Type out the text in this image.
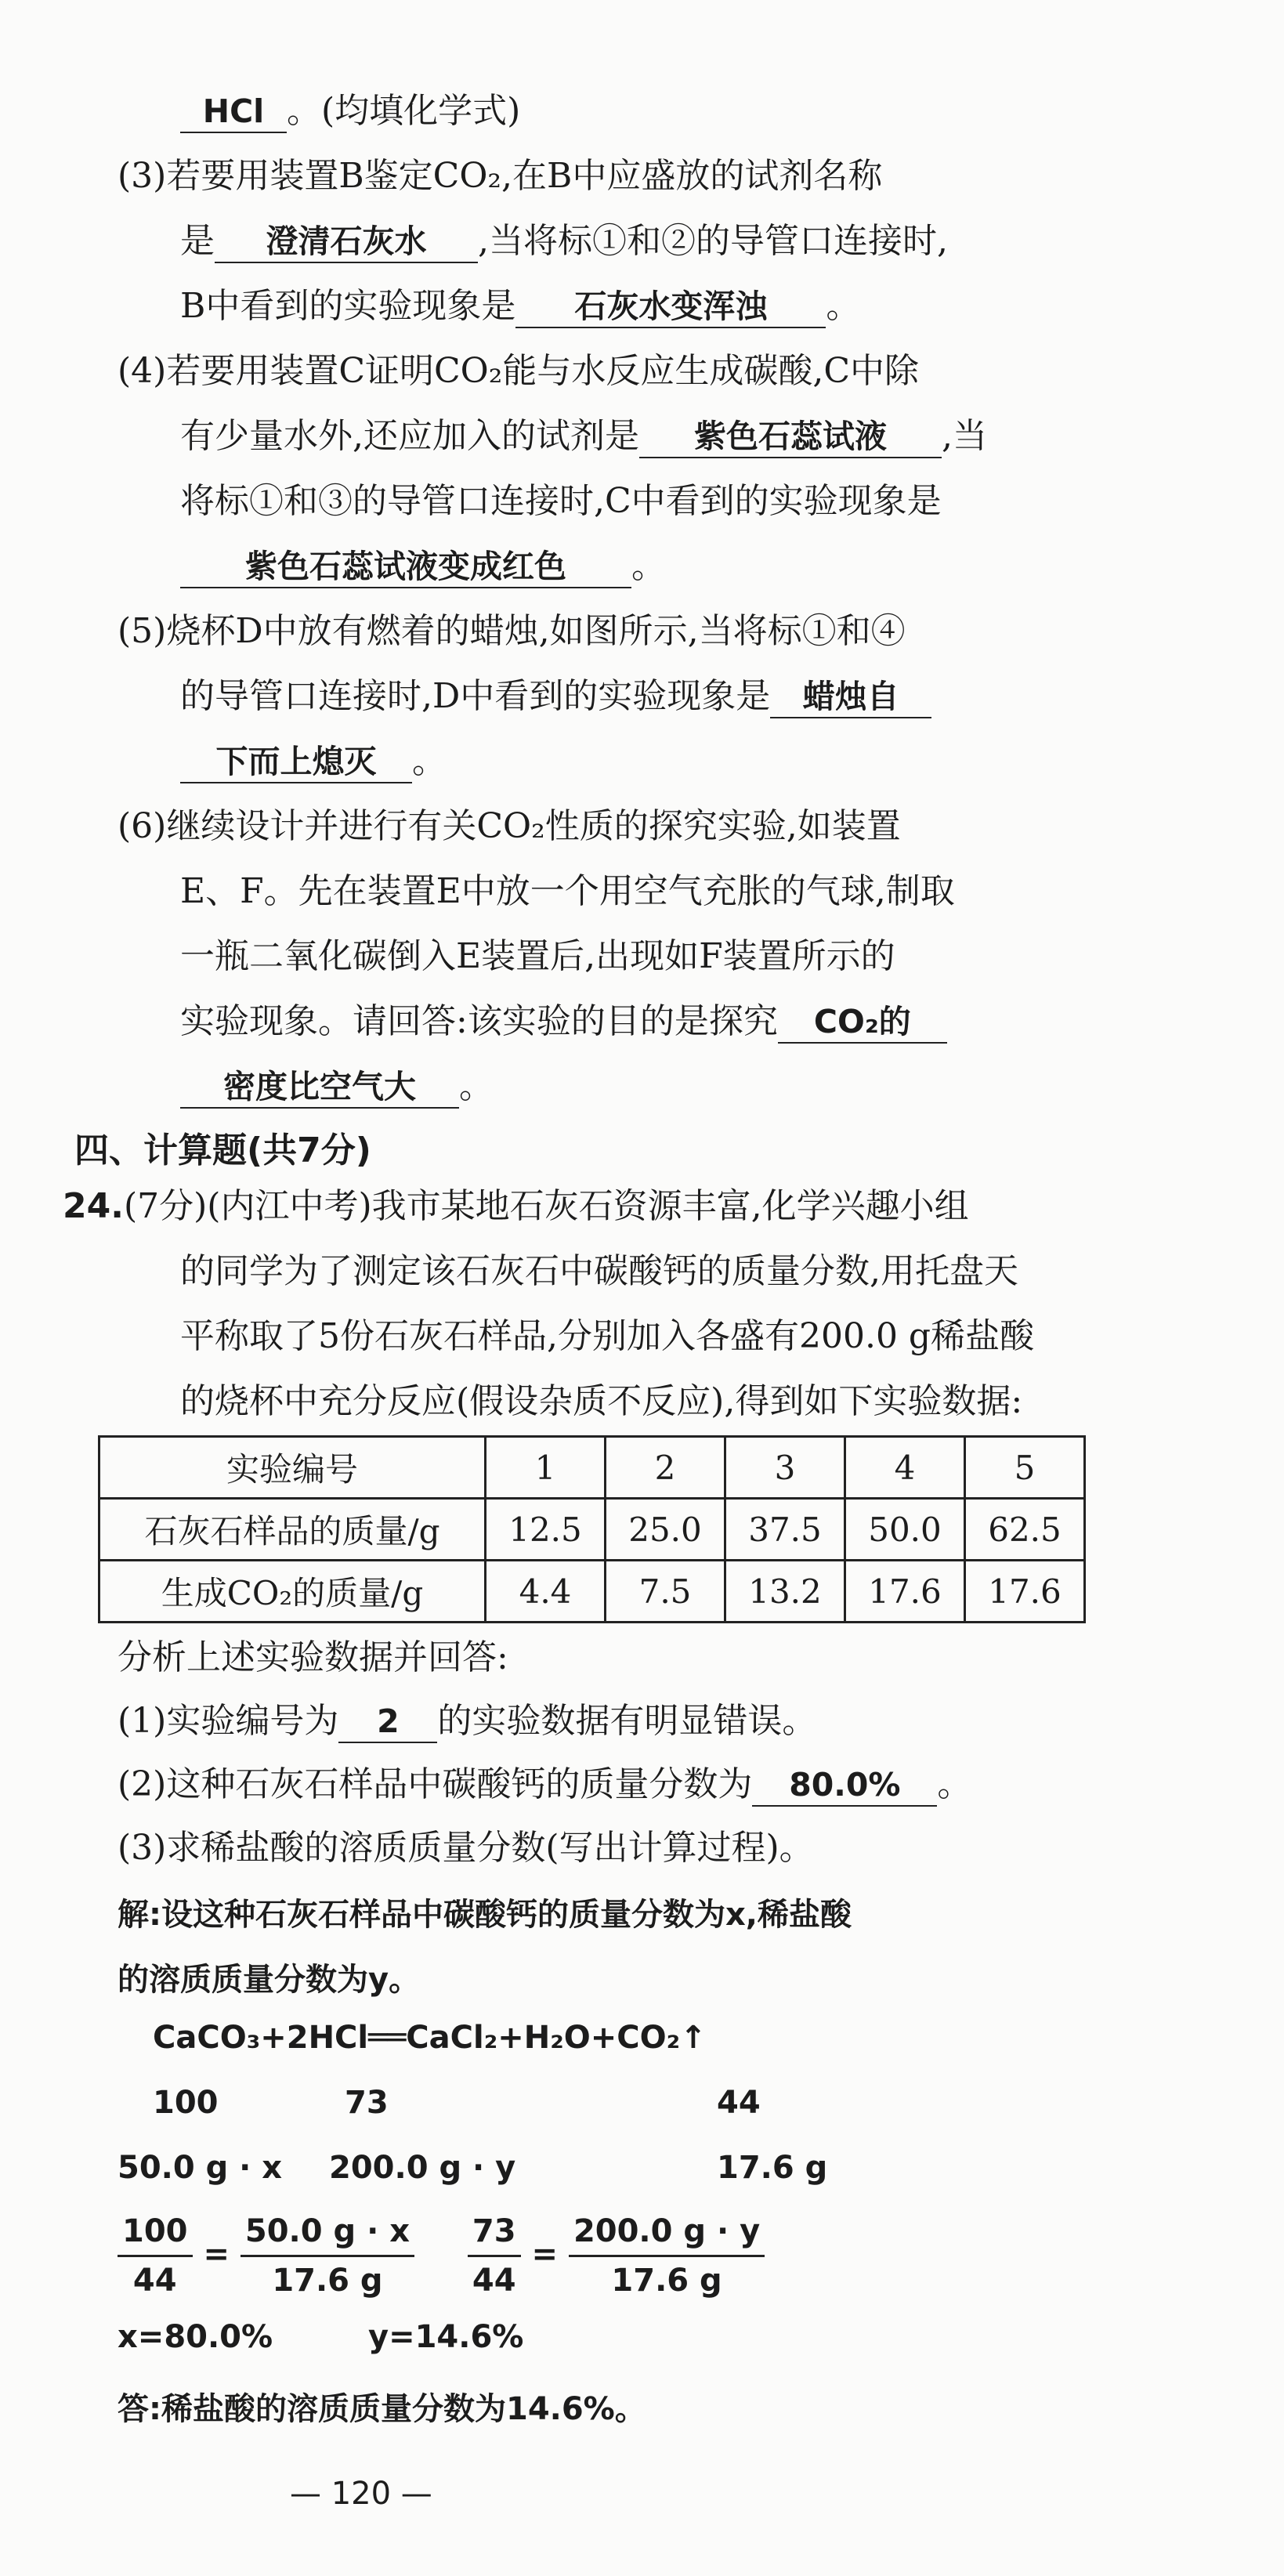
HCl 。(均填化学式)
(3)若要用装置B鉴定CO₂,在B中应盛放的试剂名称
是 澄清石灰水 ,当将标①和②的导管口连接时,
B中看到的实验现象是 石灰水变浑浊 。
(4)若要用装置C证明CO₂能与水反应生成碳酸,C中除
有少量水外,还应加入的试剂是 紫色石蕊试液 ,当
将标①和③的导管口连接时,C中看到的实验现象是
紫色石蕊试液变成红色 。
(5)烧杯D中放有燃着的蜡烛,如图所示,当将标①和④
的导管口连接时,D中看到的实验现象是 蜡烛自
下而上熄灭 。
(6)继续设计并进行有关CO₂性质的探究实验,如装置
E、F。先在装置E中放一个用空气充胀的气球,制取
一瓶二氧化碳倒入E装置后,出现如F装置所示的
实验现象。请回答:该实验的目的是探究 CO₂的
密度比空气大 。
四、计算题(共7分)
24.(7分)(内江中考)我市某地石灰石资源丰富,化学兴趣小组
的同学为了测定该石灰石中碳酸钙的质量分数,用托盘天
平称取了5份石灰石样品,分别加入各盛有200.0 g稀盐酸
的烧杯中充分反应(假设杂质不反应),得到如下实验数据:
实验编号	1	2	3	4	5
石灰石样品的质量/g	12.5	25.0	37.5	50.0	62.5
生成CO₂的质量/g	4.4	7.5	13.2	17.6	17.6
分析上述实验数据并回答:
(1)实验编号为 2 的实验数据有明显错误。
(2)这种石灰石样品中碳酸钙的质量分数为 80.0% 。
(3)求稀盐酸的溶质质量分数(写出计算过程)。
解:设这种石灰石样品中碳酸钙的质量分数为x,稀盐酸
的溶质质量分数为y。
CaCO₃+2HCl══CaCl₂+H₂O+CO₂↑
100	73	44
50.0 g · x 200.0 g · y	17.6 g
$\frac{100}{44} = \frac{50.0 g \cdot x}{17.6 g}$
$\frac{73}{44} = \frac{200.0 g \cdot y}{17.6 g}$
x=80.0%	y=14.6%
答:稀盐酸的溶质质量分数为14.6%。
— 120 —
